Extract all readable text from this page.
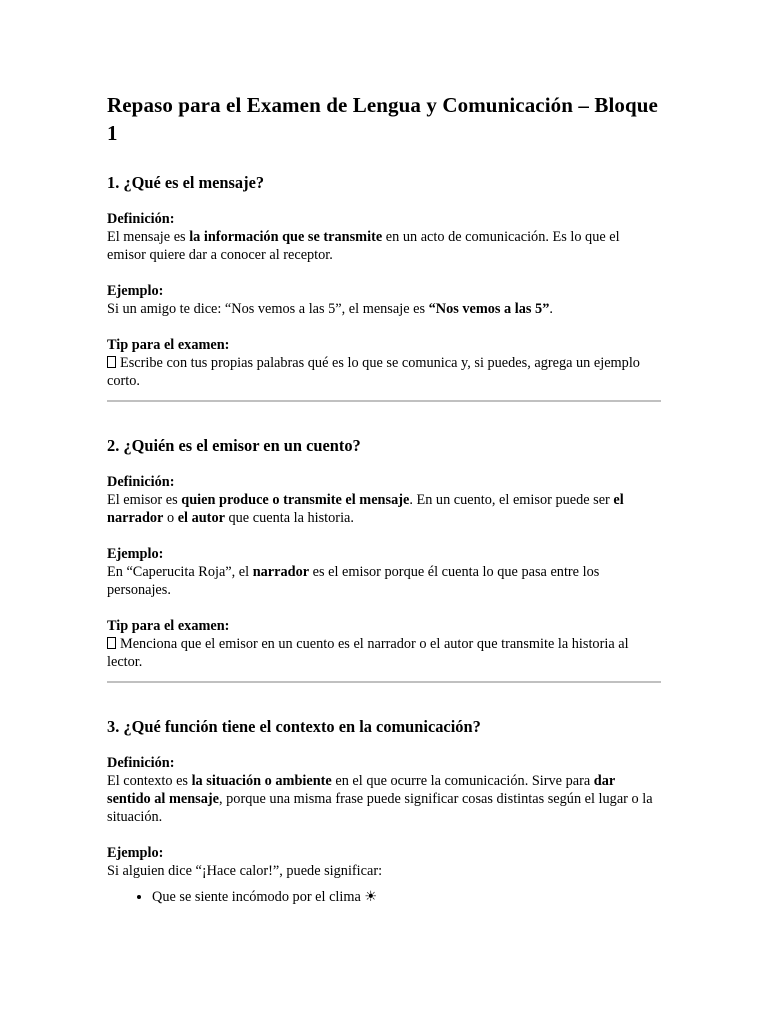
Repaso para el Examen de Lengua y Comunicación – Bloque 1
1. ¿Qué es el mensaje?
Definición:

El mensaje es la información que se transmite en un acto de comunicación. Es lo que el emisor quiere dar a conocer al receptor.

Ejemplo:

Si un amigo te dice: “Nos vemos a las 5”, el mensaje es “Nos vemos a las 5”.

Tip para el examen:

Escribe con tus propias palabras qué es lo que se comunica y, si puedes, agrega un ejemplo corto.

2. ¿Quién es el emisor en un cuento?
Definición:

El emisor es quien produce o transmite el mensaje. En un cuento, el emisor puede ser el narrador o el autor que cuenta la historia.

Ejemplo:

En “Caperucita Roja”, el narrador es el emisor porque él cuenta lo que pasa entre los personajes.

Tip para el examen:

Menciona que el emisor en un cuento es el narrador o el autor que transmite la historia al lector.

3. ¿Qué función tiene el contexto en la comunicación?
Definición:

El contexto es la situación o ambiente en el que ocurre la comunicación. Sirve para dar sentido al mensaje, porque una misma frase puede significar cosas distintas según el lugar o la situación.

Ejemplo:

Si alguien dice “¡Hace calor!”, puede significar:

• Que se siente incómodo por el clima ☀
